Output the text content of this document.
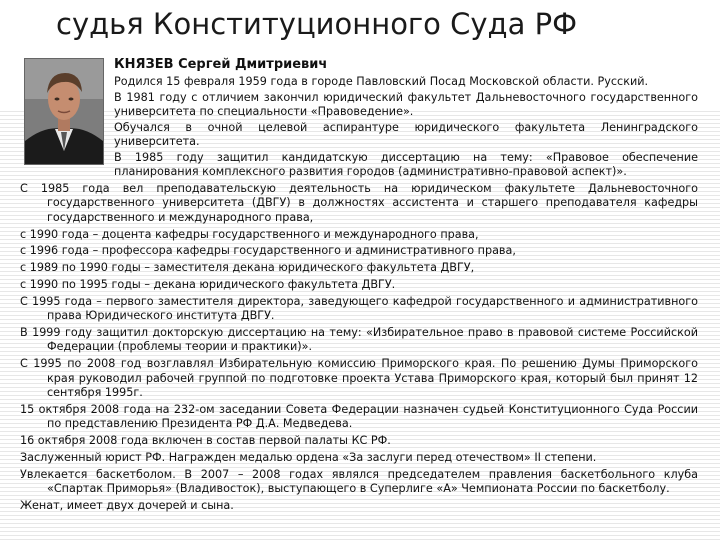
судья Конституционного Суда РФ
КНЯЗЕВ Сергей Дмитриевич

Родился 15 февраля 1959 года в городе Павловский Посад Московской области. Русский.

В 1981 году с отличием закончил юридический факультет Дальневосточного государственного университета по специальности «Правоведение».

Обучался в очной целевой аспирантуре юридического факультета Ленинградского университета.

В 1985 году защитил кандидатскую диссертацию на тему: «Правовое обеспечение планирования комплексного развития городов (административно-правовой аспект)».

С 1985 года вел преподавательскую деятельность на юридическом факультете Дальневосточного государственного университета (ДВГУ) в должностях ассистента и старшего преподавателя кафедры государственного и международного права,

с 1990 года – доцента кафедры государственного и международного права,

с 1996 года – профессора кафедры государственного и административного права,

с 1989 по 1990 годы – заместителя декана юридического факультета ДВГУ,

с 1990 по 1995 годы – декана юридического факультета ДВГУ.

С 1995 года – первого заместителя директора, заведующего кафедрой государственного и административного права Юридического института ДВГУ.

В 1999 году защитил докторскую диссертацию на тему: «Избирательное право в правовой системе Российской Федерации (проблемы теории и практики)».

С 1995 по 2008 год возглавлял Избирательную комиссию Приморского края. По решению Думы Приморского края руководил рабочей группой по подготовке проекта Устава Приморского края, который был принят 12 сентября 1995г.

15 октября 2008 года на 232-ом заседании Совета Федерации назначен судьей Конституционного Суда России по представлению Президента РФ Д.А. Медведева.

16 октября 2008 года включен в состав первой палаты КС РФ.

Заслуженный юрист РФ. Награжден медалью ордена «За заслуги перед отечеством» II степени.

Увлекается баскетболом. В 2007 – 2008 годах являлся председателем правления баскетбольного клуба «Спартак Приморья» (Владивосток), выступающего в Суперлиге «А» Чемпионата России по баскетболу.

Женат, имеет двух дочерей и сына.
